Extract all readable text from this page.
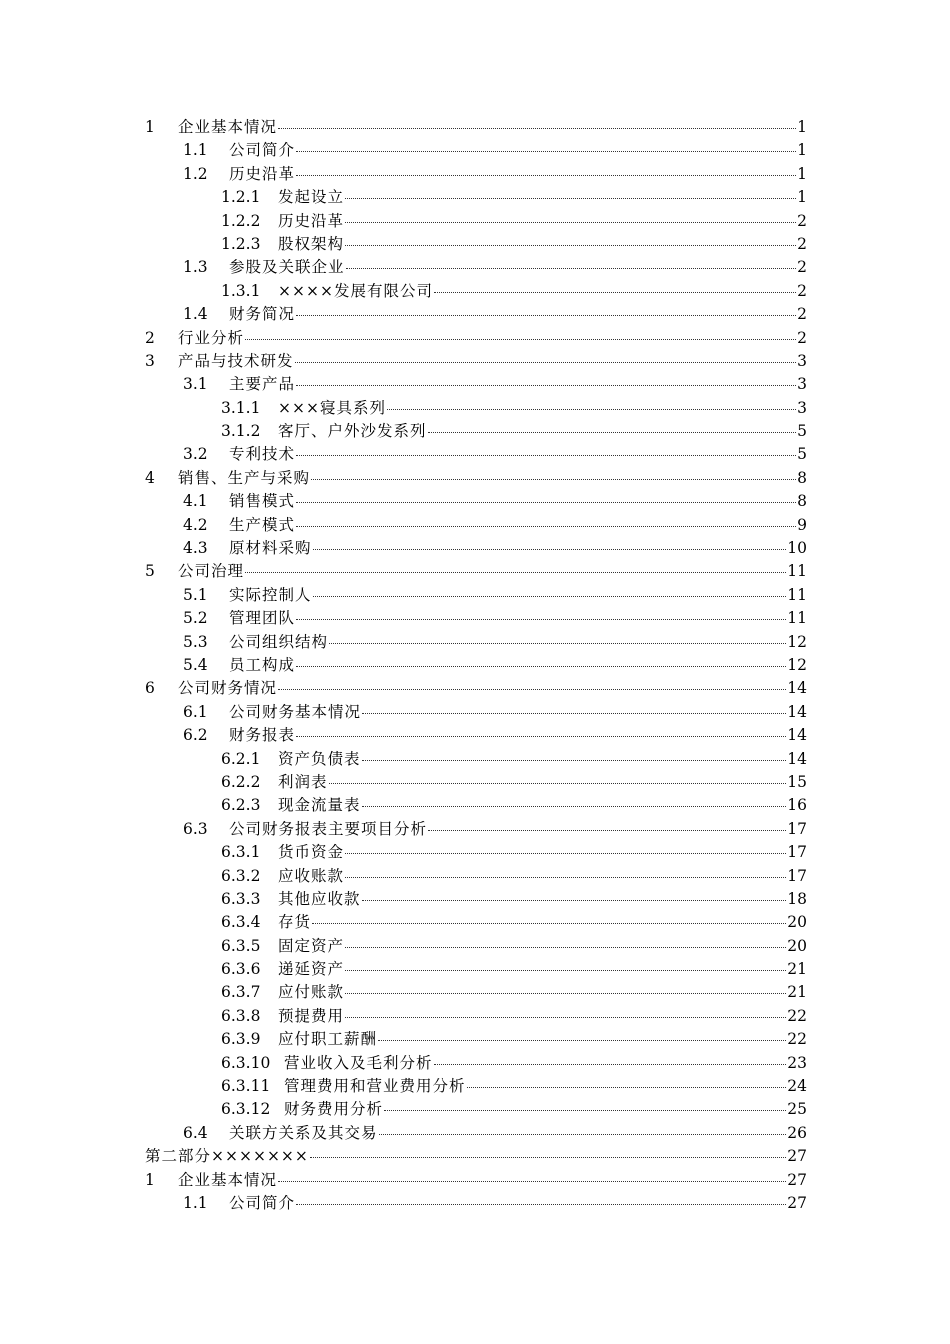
1	企业基本情况	1
1.1	公司简介	1
1.2	历史沿革	1
1.2.1	发起设立	1
1.2.2	历史沿革	2
1.2.3	股权架构	2
1.3	参股及关联企业	2
1.3.1	××××发展有限公司	2
1.4	财务简况	2
2	行业分析	2
3	产品与技术研发	3
3.1	主要产品	3
3.1.1	×××寝具系列	3
3.1.2	客厅、户外沙发系列	5
3.2	专利技术	5
4	销售、生产与采购	8
4.1	销售模式	8
4.2	生产模式	9
4.3	原材料采购	10
5	公司治理	11
5.1	实际控制人	11
5.2	管理团队	11
5.3	公司组织结构	12
5.4	员工构成	12
6	公司财务情况	14
6.1	公司财务基本情况	14
6.2	财务报表	14
6.2.1	资产负债表	14
6.2.2	利润表	15
6.2.3	现金流量表	16
6.3	公司财务报表主要项目分析	17
6.3.1	货币资金	17
6.3.2	应收账款	17
6.3.3	其他应收款	18
6.3.4	存货	20
6.3.5	固定资产	20
6.3.6	递延资产	21
6.3.7	应付账款	21
6.3.8	预提费用	22
6.3.9	应付职工薪酬	22
6.3.10 营业收入及毛利分析	23
6.3.11 管理费用和营业费用分析	24
6.3.12 财务费用分析	25
6.4	关联方关系及其交易	26
第二部分×××××××	27
1	企业基本情况	27
1.1	公司简介	27
